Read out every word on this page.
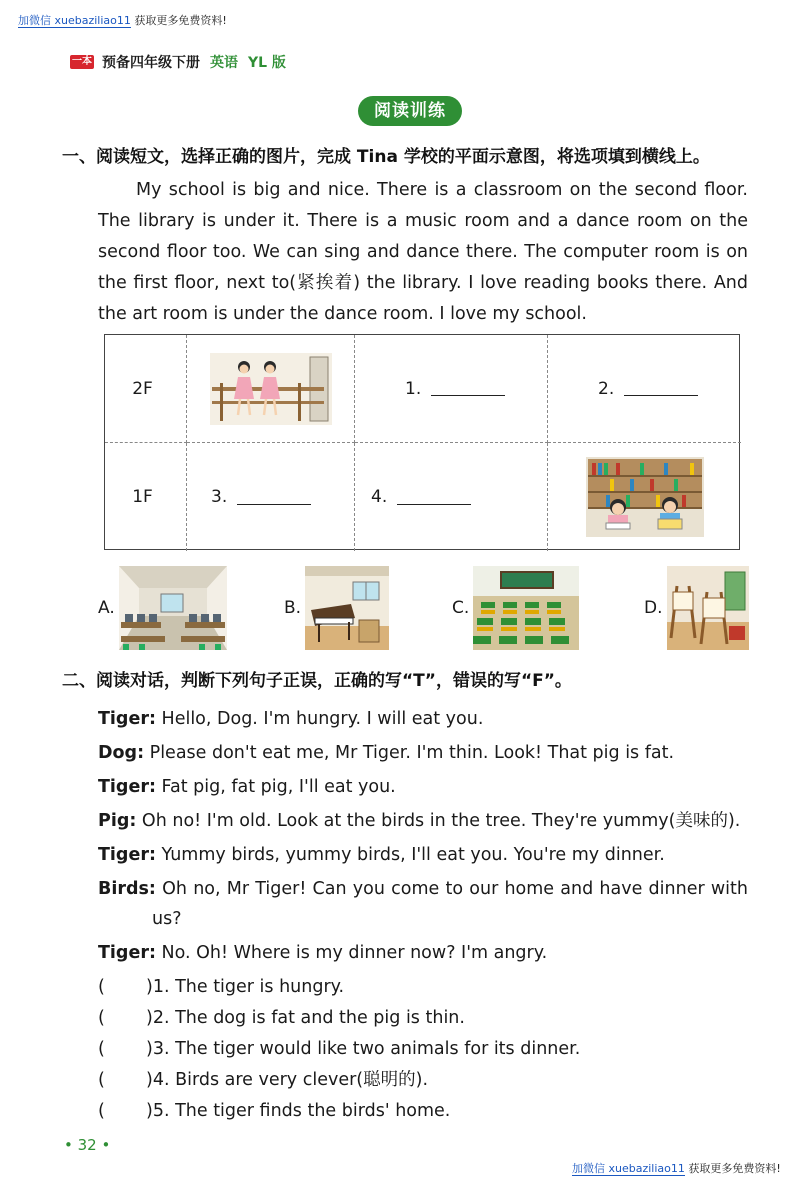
加微信 xuebaziliao11 获取更多免费资料!
加微信 xuebaziliao11 获取更多免费资料!
一本 预备四年级下册 英语 YL 版
阅读训练
一、阅读短文，选择正确的图片，完成 Tina 学校的平面示意图，将选项填到横线上。

My school is big and nice. There is a classroom on the second floor. The library is under it. There is a music room and a dance room on the second floor too. We can sing and dance there. The computer room is on the first floor, next to(紧挨着) the library. I love reading books there. And the art room is under the dance room. I love my school.

2F	1.	2.
1F	3.	4.
A.	B.	C.	D.
二、阅读对话，判断下列句子正误，正确的写“T”，错误的写“F”。
Tiger: Hello, Dog. I'm hungry. I will eat you.
Dog: Please don't eat me, Mr Tiger. I'm thin. Look! That pig is fat.
Tiger: Fat pig, fat pig, I'll eat you.
Pig: Oh no! I'm old. Look at the birds in the tree. They're yummy(美味的).
Tiger: Yummy birds, yummy birds, I'll eat you. You're my dinner.
Birds: Oh no, Mr Tiger! Can you come to our home and have dinner with us?
Tiger: No. Oh! Where is my dinner now? I'm angry.
( )1. The tiger is hungry.
( )2. The dog is fat and the pig is thin.
( )3. The tiger would like two animals for its dinner.
( )4. Birds are very clever(聪明的).
( )5. The tiger finds the birds' home.
• 32 •
